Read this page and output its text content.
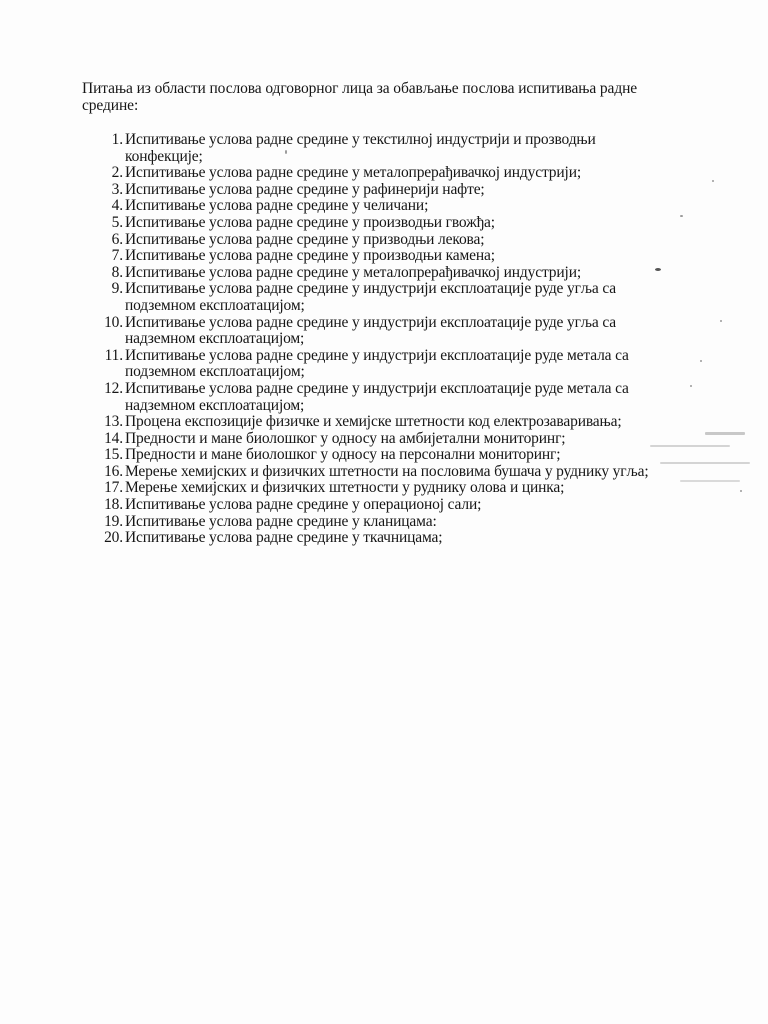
Питања из области послова одговорног лица за обављање послова испитивања радне
средине:
1. Испитивање услова радне средине у текстилној индустрији и прозводњи
конфекције;
2. Испитивање услова радне средине у металопрерађивачкој индустрији;
3. Испитивање услова радне средине у рафинерији нафте;
4. Испитивање услова радне средине у челичани;
5. Испитивање услова радне средине у производњи гвожђа;
6. Испитивање услова радне средине у призводњи лекова;
7. Испитивање услова радне средине у производњи камена;
8. Испитивање услова радне средине у металопрерађивачкој индустрији;
9. Испитивање услова радне средине у индустрији експлоатације руде угља са
подземном експлоатацијом;
10. Испитивање услова радне средине у индустрији експлоатације руде угља са
надземном експлоатацијом;
11. Испитивање услова радне средине у индустрији експлоатације руде метала са
подземном експлоатацијом;
12. Испитивање услова радне средине у индустрији експлоатације руде метала са
надземном експлоатацијом;
13. Процена експозиције физичке и хемијске штетности код електрозаваривања;
14. Предности и мане биолошког у односу на амбијетални мониторинг;
15. Предности и мане биолошког у односу на персонални мониторинг;
16. Мерење хемијских и физичких штетности на пословима бушача у руднику угља;
17. Мерење хемијских и физичких штетности у руднику олова и цинка;
18. Испитивање услова радне средине у операционој сали;
19. Испитивање услова радне средине у кланицама:
20. Испитивање услова радне средине у ткачницама;
